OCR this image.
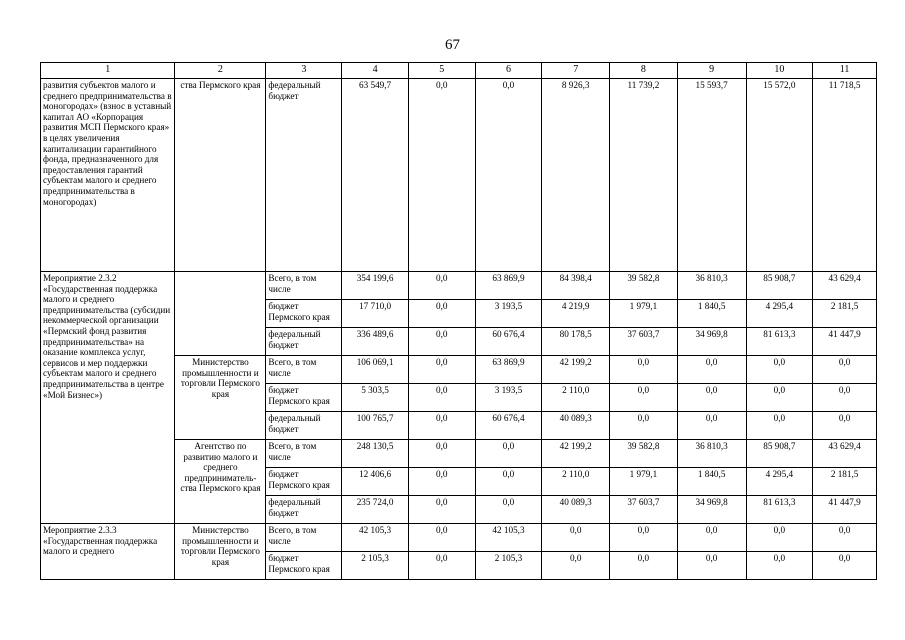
67
1	2	3	4	5	6	7	8	9	10	11
развития субъектов малого и среднего предпринимательства в моногородах» (взнос в уставный капитал АО «Корпорация развития МСП Пермского края» в целях увеличения капитализации гарантийного фонда, предназначенного для предоставления гарантий субъектам малого и среднего предпринимательства в моногородах)	ства Пермского края	федеральный бюджет	63 549,7	0,0	0,0	8 926,3	11 739,2	15 593,7	15 572,0	11 718,5
Мероприятие 2.3.2 «Государственная поддержка малого и среднего предпринимательства (субсидии некоммерческой организации «Пермский фонд развития предпринимательства» на оказание комплекса услуг, сервисов и мер поддержки субъектам малого и среднего предпринимательства в центре «Мой Бизнес»)		Всего, в том числе	354 199,6	0,0	63 869,9	84 398,4	39 582,8	36 810,3	85 908,7	43 629,4
		бюджет Пермского края	17 710,0	0,0	3 193,5	4 219,9	1 979,1	1 840,5	4 295,4	2 181,5
		федеральный бюджет	336 489,6	0,0	60 676,4	80 178,5	37 603,7	34 969,8	81 613,3	41 447,9
	Министерство промышленности и торговли Пермского края	Всего, в том числе	106 069,1	0,0	63 869,9	42 199,2	0,0	0,0	0,0	0,0
		бюджет Пермского края	5 303,5	0,0	3 193,5	2 110,0	0,0	0,0	0,0	0,0
		федеральный бюджет	100 765,7	0,0	60 676,4	40 089,3	0,0	0,0	0,0	0,0
	Агентство по развитию малого и среднего предприниматель-ства Пермского края	Всего, в том числе	248 130,5	0,0	0,0	42 199,2	39 582,8	36 810,3	85 908,7	43 629,4
		бюджет Пермского края	12 406,6	0,0	0,0	2 110,0	1 979,1	1 840,5	4 295,4	2 181,5
		федеральный бюджет	235 724,0	0,0	0,0	40 089,3	37 603,7	34 969,8	81 613,3	41 447,9
Мероприятие 2.3.3 «Государственная поддержка малого и среднего	Министерство промышленности и торговли Пермского края	Всего, в том числе	42 105,3	0,0	42 105,3	0,0	0,0	0,0	0,0	0,0
		бюджет Пермского края	2 105,3	0,0	2 105,3	0,0	0,0	0,0	0,0	0,0
